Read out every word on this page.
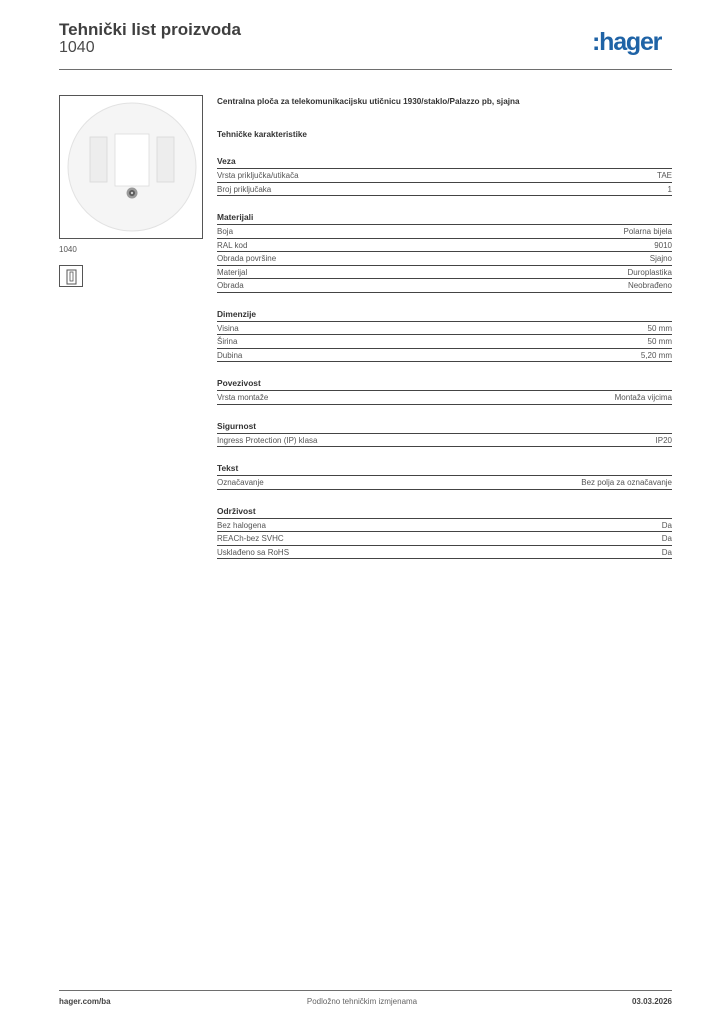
Tehnički list proizvoda
1040	:hager
1040
Centralna ploča za telekomunikacijsku utičnicu 1930/staklo/Palazzo pb, sjajna
Tehničke karakteristike
Veza
Vrsta priključka/utikača	TAE
Broj priključaka	1
Materijali
Boja	Polarna bijela
RAL kod	9010
Obrada površine	Sjajno
Materijal	Duroplastika
Obrada	Neobrađeno
Dimenzije
Visina	50 mm
Širina	50 mm
Dubina	5,20 mm
Povezivost
Vrsta montaže	Montaža vijcima
Sigurnost
Ingress Protection (IP) klasa	IP20
Tekst
Označavanje	Bez polja za označavanje
Održivost
Bez halogena	Da
REACh-bez SVHC	Da
Usklađeno sa RoHS	Da
hager.com/ba	Podložno tehničkim izmjenama	03.03.2026
